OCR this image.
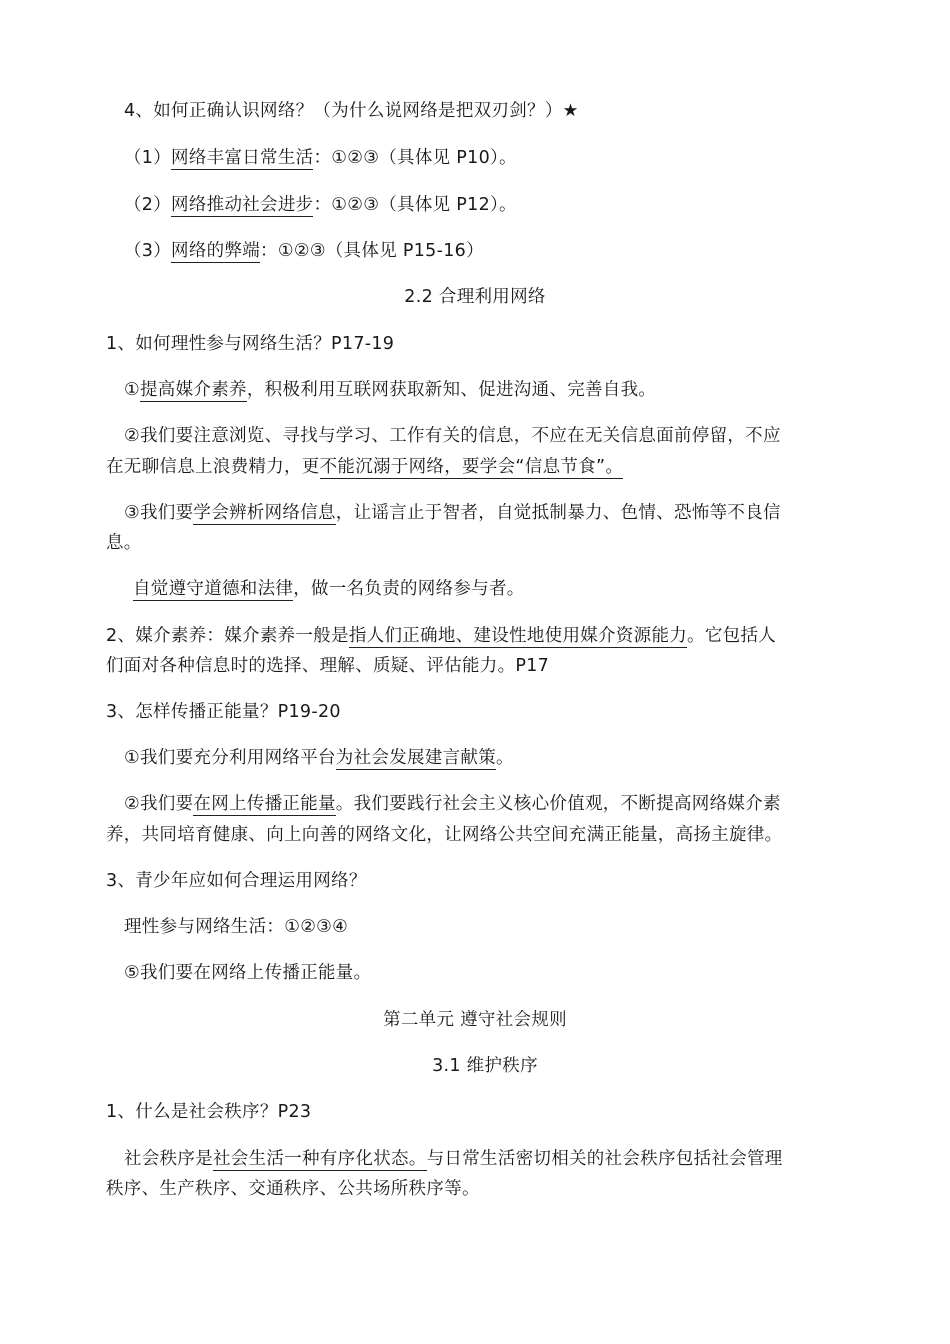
4、如何正确认识网络？（为什么说网络是把双刃剑？）★
（1）网络丰富日常生活：①②③（具体见 P10）。
（2）网络推动社会进步：①②③（具体见 P12）。
（3）网络的弊端：①②③（具体见 P15-16）
2.2 合理利用网络
1、如何理性参与网络生活？P17-19
①提高媒介素养，积极利用互联网获取新知、促进沟通、完善自我。
②我们要注意浏览、寻找与学习、工作有关的信息，不应在无关信息面前停留，不应
在无聊信息上浪费精力，更不能沉溺于网络，要学会“信息节食”。
③我们要学会辨析网络信息，让谣言止于智者，自觉抵制暴力、色情、恐怖等不良信
息。
自觉遵守道德和法律，做一名负责的网络参与者。
2、媒介素养：媒介素养一般是指人们正确地、建设性地使用媒介资源能力。它包括人
们面对各种信息时的选择、理解、质疑、评估能力。P17
3、怎样传播正能量？P19-20
①我们要充分利用网络平台为社会发展建言献策。
②我们要在网上传播正能量。我们要践行社会主义核心价值观，不断提高网络媒介素
养，共同培育健康、向上向善的网络文化，让网络公共空间充满正能量，高扬主旋律。
3、青少年应如何合理运用网络？
理性参与网络生活：①②③④
⑤我们要在网络上传播正能量。
第二单元 遵守社会规则
3.1 维护秩序
1、什么是社会秩序？P23
社会秩序是社会生活一种有序化状态。与日常生活密切相关的社会秩序包括社会管理
秩序、生产秩序、交通秩序、公共场所秩序等。
